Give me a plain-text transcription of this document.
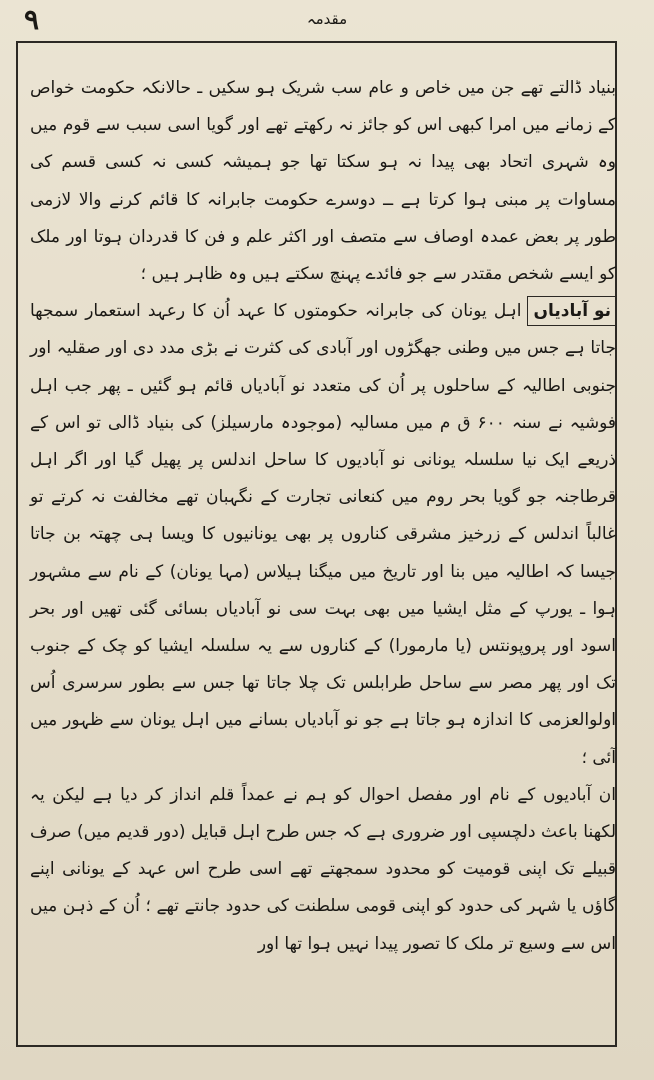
۹	مقدمہ
بنیاد ڈالتے تھے جن میں خاص و عام سب شریک ہو سکیں ـ حالانکہ حکومت خواص کے زمانے میں امرا کبھی اس کو جائز نہ رکھتے تھے اور گویا اسی سبب سے قوم میں وہ شہری اتحاد بھی پیدا نہ ہو سکتا تھا جو ہمیشہ کسی نہ کسی قسم کی مساوات پر مبنی ہوا کرتا ہے ــ دوسرے حکومت جابرانہ کا قائم کرنے والا لازمی طور پر بعض عمدہ اوصاف سے متصف اور اکثر علم و فن کا قدردان ہوتا اور ملک کو ایسے شخص مقتدر سے جو فائدے پہنچ سکتے ہیں وہ ظاہر ہیں ؛
نو آبادیاںاہل یونان کی جابرانہ حکومتوں کا عہد اُن کا رعہد استعمار سمجھا جاتا ہے جس میں وطنی جھگڑوں اور آبادی کی کثرت نے بڑی مدد دی اور صقلیہ اور جنوبی اطالیہ کے ساحلوں پر اُن کی متعدد نو آبادیاں قائم ہو گئیں ـ پھر جب اہل فوشیہ نے سنہ ۶۰۰ ق م میں مسالیہ (موجودہ مارسیلز) کی بنیاد ڈالی تو اس کے ذریعے ایک نیا سلسلہ یونانی نو آبادیوں کا ساحل اندلس پر پھیل گیا اور اگر اہل قرطاجنہ جو گویا بحر روم میں کنعانی تجارت کے نگہبان تھے مخالفت نہ کرتے تو غالباً اندلس کے زرخیز مشرقی کناروں پر بھی یونانیوں کا ویسا ہی چھتہ بن جاتا جیسا کہ اطالیہ میں بنا اور تاریخ میں میگنا ہیلاس (مہا یونان) کے نام سے مشہور ہوا ـ یورپ کے مثل ایشیا میں بھی بہت سی نو آبادیاں بسائی گئی تھیں اور بحر اسود اور پروپونتس (یا مارمورا) کے کناروں سے یہ سلسلہ ایشیا کو چک کے جنوب تک اور پھر مصر سے ساحل طرابلس تک چلا جاتا تھا جس سے بطور سرسری اُس اولوالعزمی کا اندازہ ہو جاتا ہے جو نو آبادیاں بسانے میں اہل یونان سے ظہور میں آئی ؛
ان آبادیوں کے نام اور مفصل احوال کو ہم نے عمداً قلم انداز کر دیا ہے لیکن یہ لکھنا باعث دلچسپی اور ضروری ہے کہ جس طرح اہل قبایل (دور قدیم میں) صرف قبیلے تک اپنی قومیت کو محدود سمجھتے تھے اسی طرح اس عہد کے یونانی اپنے گاؤں یا شہر کی حدود کو اپنی قومی سلطنت کی حدود جانتے تھے ؛ اُن کے ذہن میں اس سے وسیع تر ملک کا تصور پیدا نہیں ہوا تھا اور
